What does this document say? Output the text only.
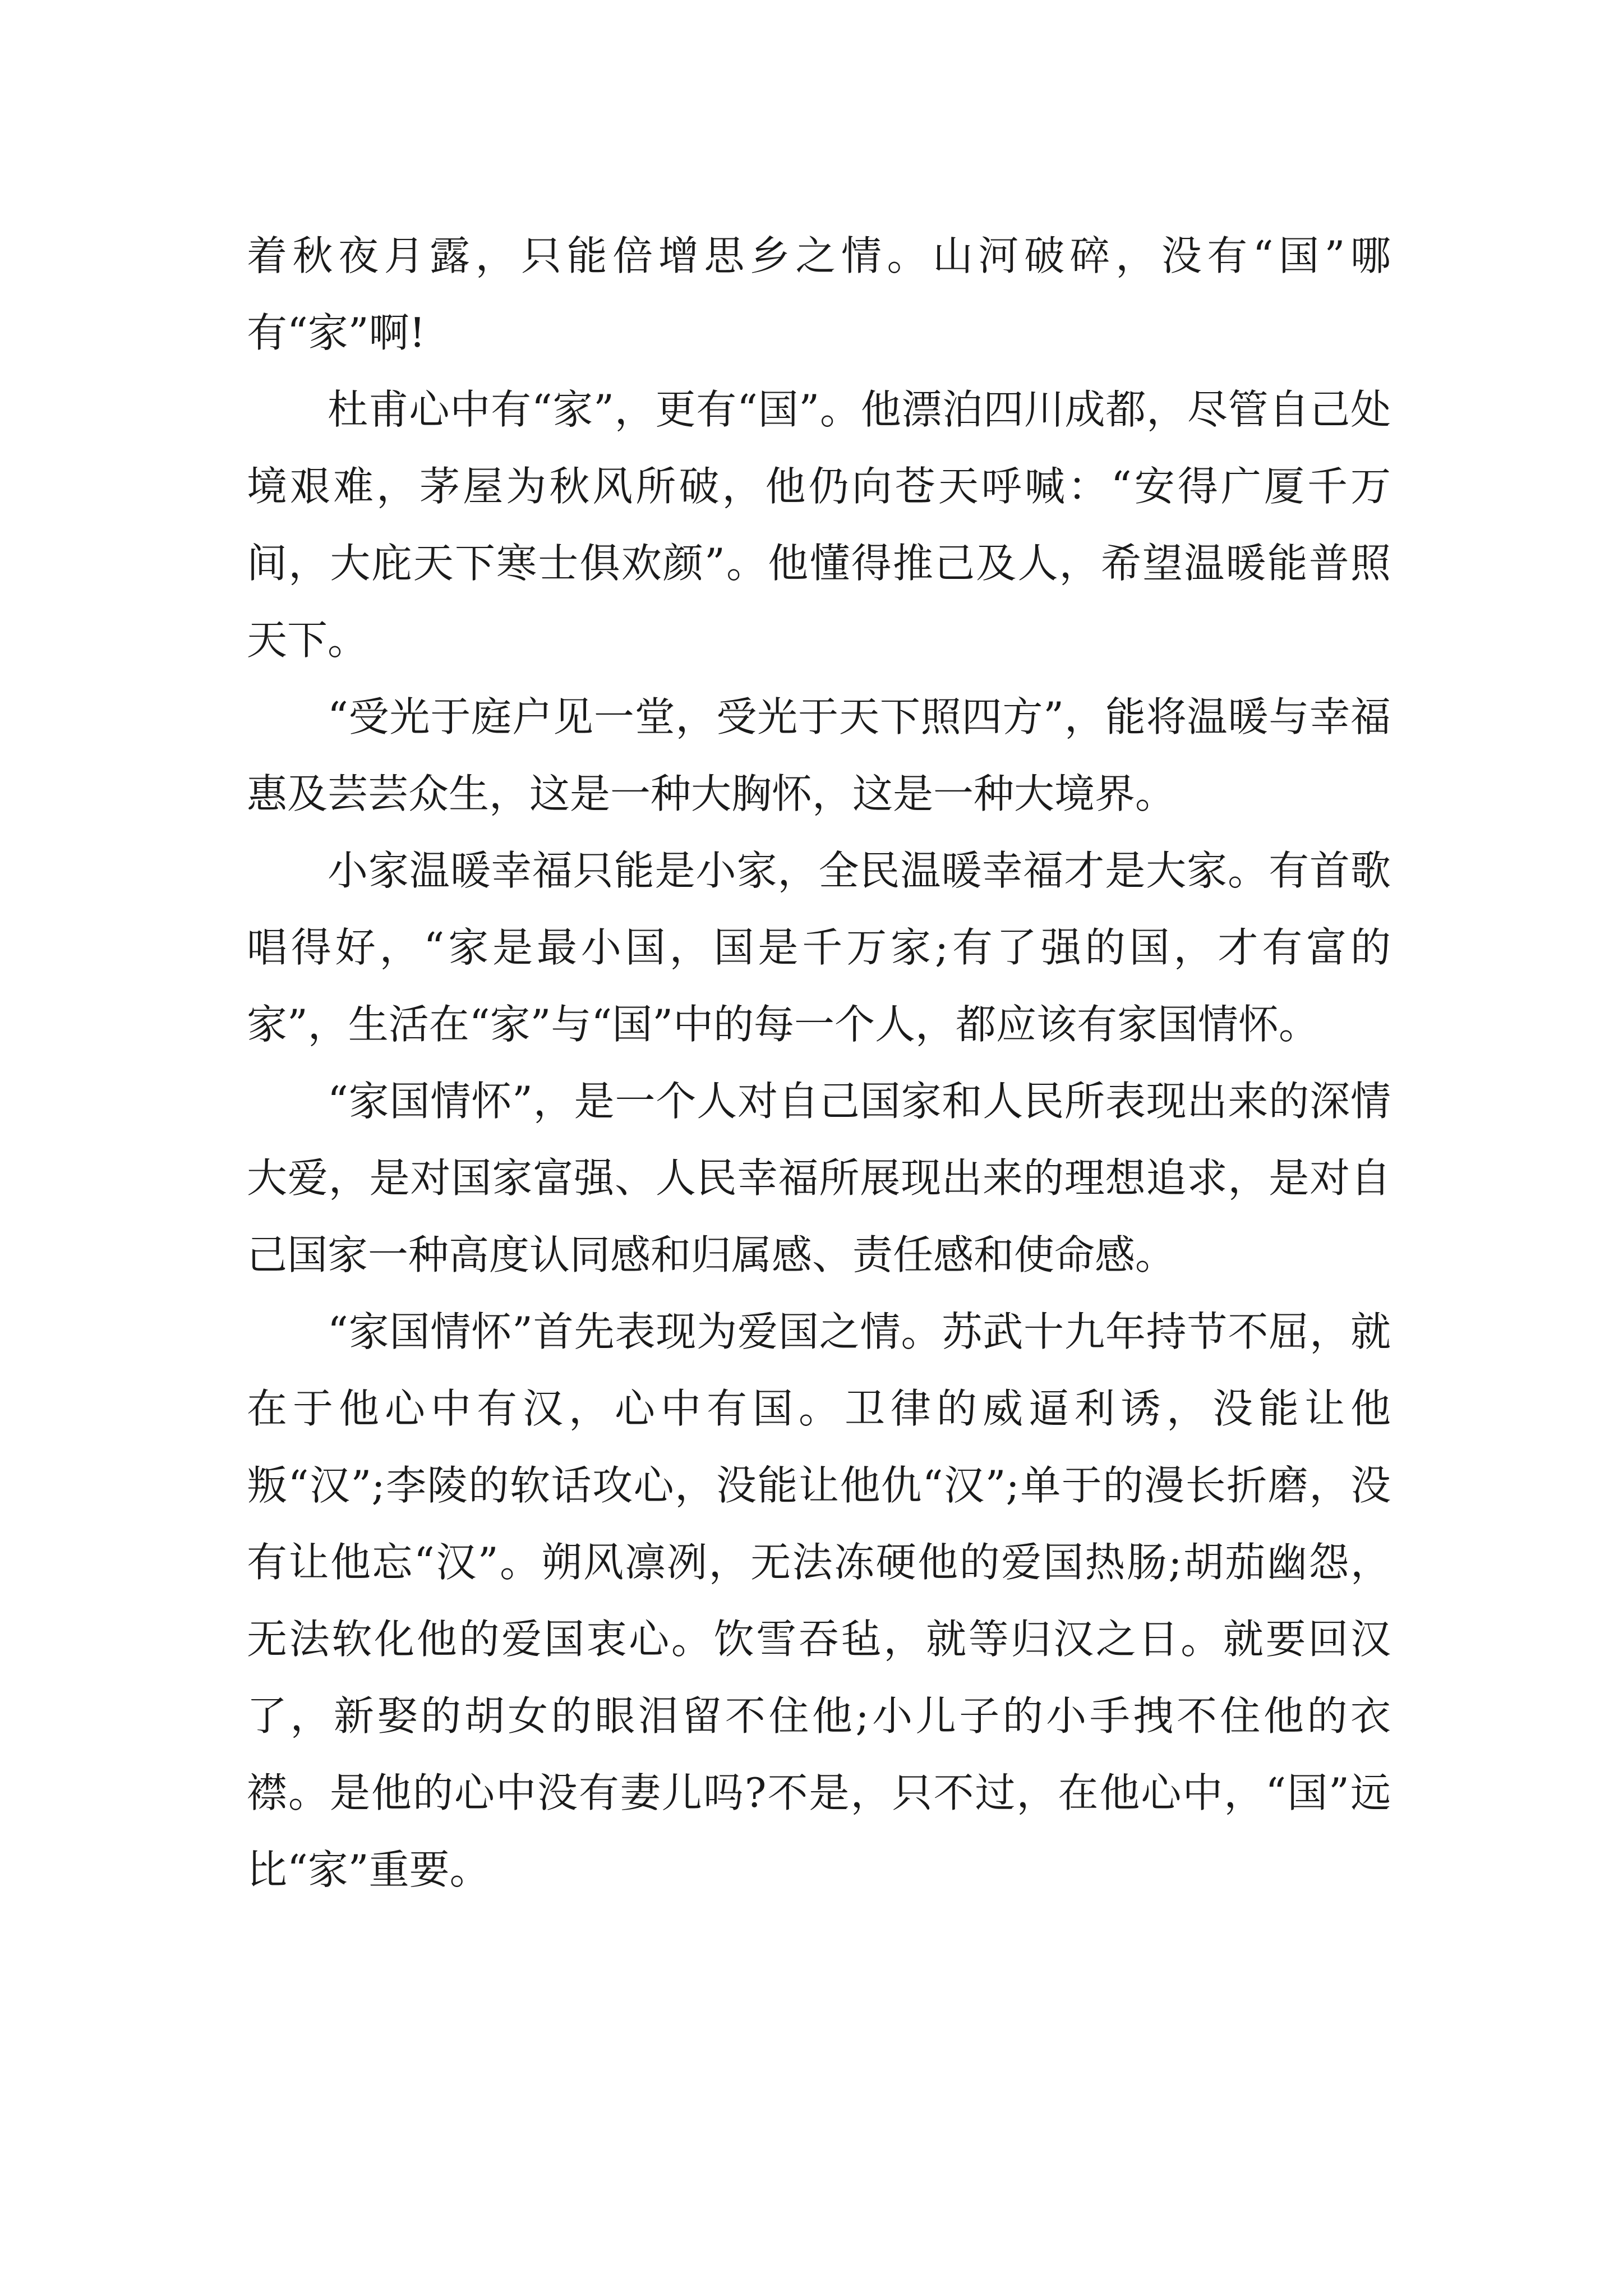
着秋夜月露，只能倍增思乡之情。山河破碎，没有“国”哪有“家”啊!

杜甫心中有“家”，更有“国”。他漂泊四川成都，尽管自己处境艰难，茅屋为秋风所破，他仍向苍天呼喊：“安得广厦千万间，大庇天下寒士俱欢颜”。他懂得推己及人，希望温暖能普照天下。

“受光于庭户见一堂，受光于天下照四方”，能将温暖与幸福惠及芸芸众生，这是一种大胸怀，这是一种大境界。

小家温暖幸福只能是小家，全民温暖幸福才是大家。有首歌唱得好，“家是最小国，国是千万家;有了强的国，才有富的家”，生活在“家”与“国”中的每一个人，都应该有家国情怀。

“家国情怀”，是一个人对自己国家和人民所表现出来的深情大爱，是对国家富强、人民幸福所展现出来的理想追求，是对自己国家一种高度认同感和归属感、责任感和使命感。

“家国情怀”首先表现为爱国之情。苏武十九年持节不屈，就在于他心中有汉，心中有国。卫律的威逼利诱，没能让他叛“汉”;李陵的软话攻心，没能让他仇“汉”;单于的漫长折磨，没有让他忘“汉”。朔风凛冽，无法冻硬他的爱国热肠;胡茄幽怨，无法软化他的爱国衷心。饮雪吞毡，就等归汉之日。就要回汉了，新娶的胡女的眼泪留不住他;小儿子的小手拽不住他的衣襟。是他的心中没有妻儿吗?不是，只不过，在他心中，“国”远比“家”重要。
